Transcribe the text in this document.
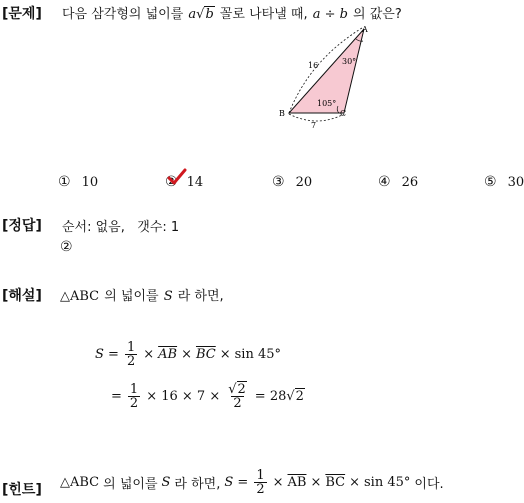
[문제] 다음 삼각형의 넓이를 a√b 꼴로 나타낼 때, a ÷ b 의 값은?
A
B	C
16
7
30°
105°
① 10	② 14	③ 20	④ 26	⑤ 30
[정답] 순서: 없음,   갯수: 1
②
[해설] △ABC 의 넓이를 S 라 하면,
$S = \frac{1}{2} \times \overline{AB} \times \overline{BC} \times \sin 45^\circ$
= $\frac{1}{2} \times 16 \times 7 \times \frac{√2}{2} = 28√2$
[힌트] △ABC 의 넓이를 S 라 하면, $S = \frac{1}{2} \times \overline{AB} \times \overline{BC} \times \sin 45^\circ$ 이다.
